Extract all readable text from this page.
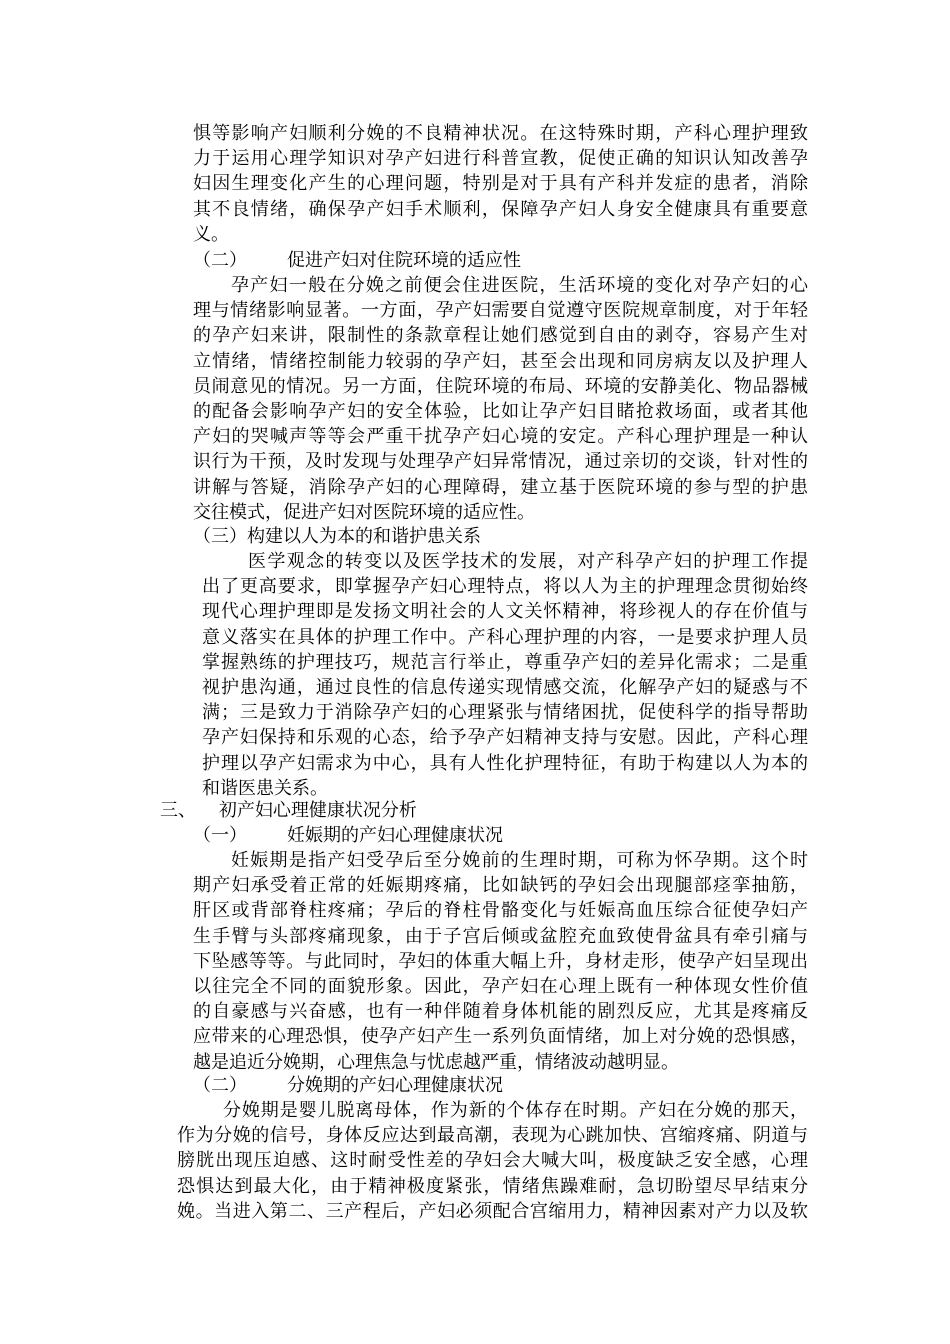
惧等影响产妇顺利分娩的不良精神状况。在这特殊时期，产科心理护理致
力于运用心理学知识对孕产妇进行科普宣教，促使正确的知识认知改善孕
妇因生理变化产生的心理问题，特别是对于具有产科并发症的患者，消除
其不良情绪，确保孕产妇手术顺利，保障孕产妇人身安全健康具有重要意
义。
（二）       促进产妇对住院环境的适应性
孕产妇一般在分娩之前便会住进医院，生活环境的变化对孕产妇的心
理与情绪影响显著。一方面，孕产妇需要自觉遵守医院规章制度，对于年轻
的孕产妇来讲，限制性的条款章程让她们感觉到自由的剥夺，容易产生对
立情绪，情绪控制能力较弱的孕产妇，甚至会出现和同房病友以及护理人
员闹意见的情况。另一方面，住院环境的布局、环境的安静美化、物品器械
的配备会影响孕产妇的安全体验，比如让孕产妇目睹抢救场面，或者其他
产妇的哭喊声等等会严重干扰孕产妇心境的安定。产科心理护理是一种认
识行为干预，及时发现与处理孕产妇异常情况，通过亲切的交谈，针对性的
讲解与答疑，消除孕产妇的心理障碍，建立基于医院环境的参与型的护患
交往模式，促进产妇对医院环境的适应性。
（三）构建以人为本的和谐护患关系
医学观念的转变以及医学技术的发展，对产科孕产妇的护理工作提
出了更高要求，即掌握孕产妇心理特点，将以人为主的护理理念贯彻始终
现代心理护理即是发扬文明社会的人文关怀精神，将珍视人的存在价值与
意义落实在具体的护理工作中。产科心理护理的内容，一是要求护理人员
掌握熟练的护理技巧，规范言行举止，尊重孕产妇的差异化需求；二是重
视护患沟通，通过良性的信息传递实现情感交流，化解孕产妇的疑惑与不
满；三是致力于消除孕产妇的心理紧张与情绪困扰，促使科学的指导帮助
孕产妇保持和乐观的心态，给予孕产妇精神支持与安慰。因此，产科心理
护理以孕产妇需求为中心，具有人性化护理特征，有助于构建以人为本的
和谐医患关系。
三、    初产妇心理健康状况分析
（一）       妊娠期的产妇心理健康状况
妊娠期是指产妇受孕后至分娩前的生理时期，可称为怀孕期。这个时
期产妇承受着正常的妊娠期疼痛，比如缺钙的孕妇会出现腿部痉挛抽筋，
肝区或背部脊柱疼痛；孕后的脊柱骨骼变化与妊娠高血压综合征使孕妇产
生手臂与头部疼痛现象，由于子宫后倾或盆腔充血致使骨盆具有牵引痛与
下坠感等等。与此同时，孕妇的体重大幅上升，身材走形，使孕产妇呈现出
以往完全不同的面貌形象。因此，孕产妇在心理上既有一种体现女性价值
的自豪感与兴奋感，也有一种伴随着身体机能的剧烈反应，尤其是疼痛反
应带来的心理恐惧，使孕产妇产生一系列负面情绪，加上对分娩的恐惧感，
越是追近分娩期，心理焦急与忧虑越严重，情绪波动越明显。
（二）       分娩期的产妇心理健康状况
分娩期是婴儿脱离母体，作为新的个体存在时期。产妇在分娩的那天，
作为分娩的信号，身体反应达到最高潮，表现为心跳加快、宫缩疼痛、阴道与
膀胱出现压迫感、这时耐受性差的孕妇会大喊大叫，极度缺乏安全感，心理
恐惧达到最大化，由于精神极度紧张，情绪焦躁难耐，急切盼望尽早结束分
娩。当进入第二、三产程后，产妇必须配合宫缩用力，精神因素对产力以及软
